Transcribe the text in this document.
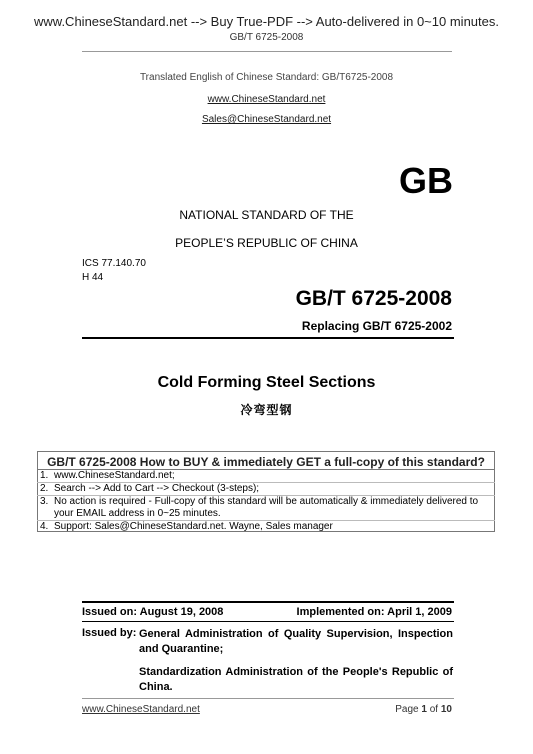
www.ChineseStandard.net --> Buy True-PDF --> Auto-delivered in 0~10 minutes.
GB/T 6725-2008
Translated English of Chinese Standard: GB/T6725-2008
www.ChineseStandard.net
Sales@ChineseStandard.net
GB
NATIONAL STANDARD OF THE
PEOPLE’S REPUBLIC OF CHINA
ICS 77.140.70
H 44
GB/T 6725-2008
Replacing GB/T 6725-2002
Cold Forming Steel Sections
冷弯型钢
GB/T 6725-2008 How to BUY & immediately GET a full-copy of this standard?
1. www.ChineseStandard.net;
2. Search --> Add to Cart --> Checkout (3-steps);
3. No action is required - Full-copy of this standard will be automatically & immediately delivered to your EMAIL address in 0~25 minutes.
4. Support: Sales@ChineseStandard.net. Wayne, Sales manager
Issued on: August 19, 2008	Implemented on: April 1, 2009
Issued by: General Administration of Quality Supervision, Inspection and Quarantine;

Standardization Administration of the People's Republic of China.

www.ChineseStandard.net	Page 1 of 10
